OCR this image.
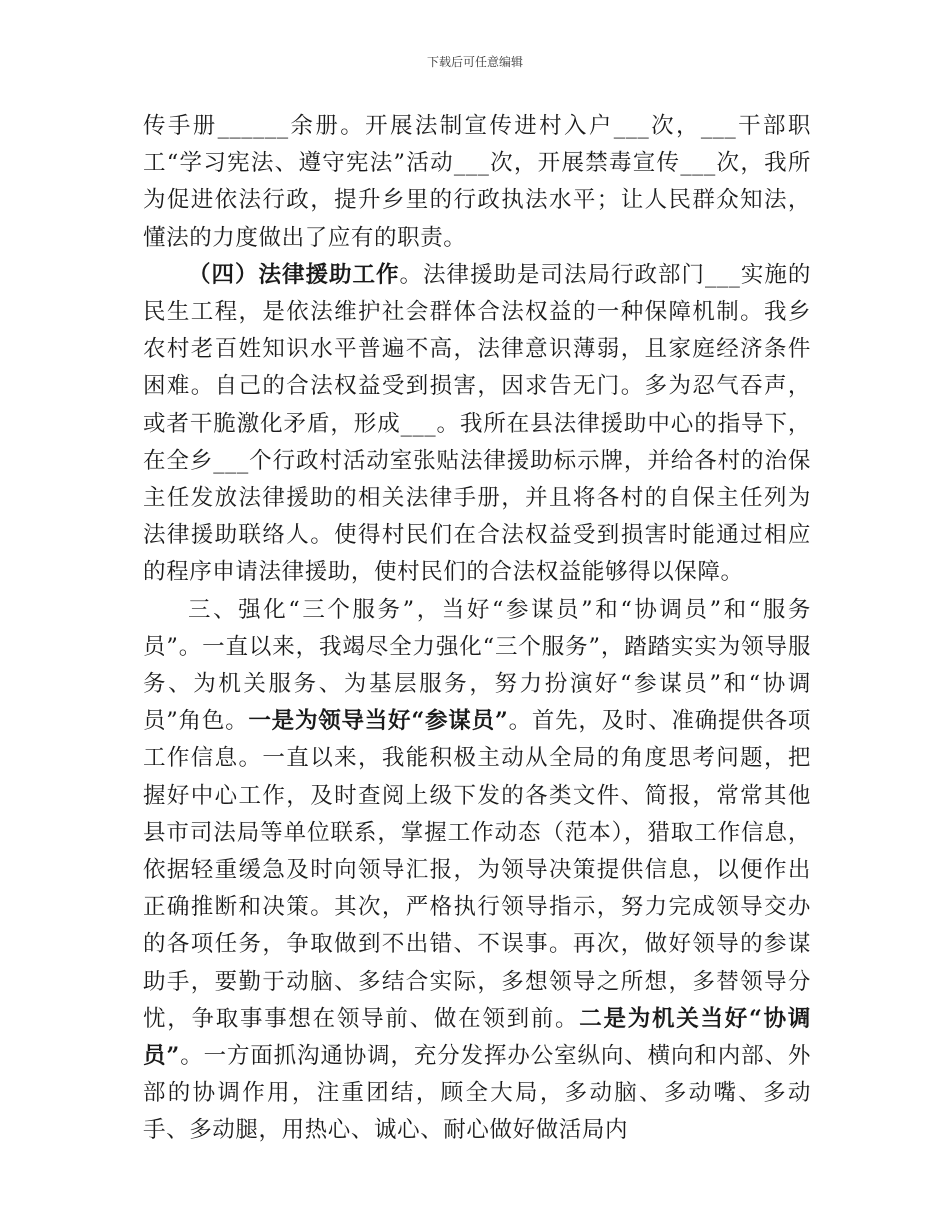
下载后可任意编辑

传手册______余册。开展法制宣传进村入户___次，___干部职工“学习宪法、遵守宪法”活动___次，开展禁毒宣传___次，我所为促进依法行政，提升乡里的行政执法水平；让人民群众知法，懂法的力度做出了应有的职责。

（四）法律援助工作。法律援助是司法局行政部门___实施的民生工程，是依法维护社会群体合法权益的一种保障机制。我乡农村老百姓知识水平普遍不高，法律意识薄弱，且家庭经济条件困难。自己的合法权益受到损害，因求告无门。多为忍气吞声，或者干脆激化矛盾，形成___。我所在县法律援助中心的指导下，在全乡___个行政村活动室张贴法律援助标示牌，并给各村的治保主任发放法律援助的相关法律手册，并且将各村的自保主任列为法律援助联络人。使得村民们在合法权益受到损害时能通过相应的程序申请法律援助，使村民们的合法权益能够得以保障。

三、强化“三个服务”，当好“参谋员”和“协调员”和“服务员”。一直以来，我竭尽全力强化“三个服务”，踏踏实实为领导服务、为机关服务、为基层服务，努力扮演好“参谋员”和“协调员”角色。一是为领导当好“参谋员”。首先，及时、准确提供各项工作信息。一直以来，我能积极主动从全局的角度思考问题，把握好中心工作，及时查阅上级下发的各类文件、简报，常常其他县市司法局等单位联系，掌握工作动态（范本），猎取工作信息，依据轻重缓急及时向领导汇报，为领导决策提供信息，以便作出正确推断和决策。其次，严格执行领导指示，努力完成领导交办的各项任务，争取做到不出错、不误事。再次，做好领导的参谋助手，要勤于动脑、多结合实际，多想领导之所想，多替领导分忧，争取事事想在领导前、做在领到前。二是为机关当好“协调员”。一方面抓沟通协调，充分发挥办公室纵向、横向和内部、外部的协调作用，注重团结，顾全大局，多动脑、多动嘴、多动手、多动腿，用热心、诚心、耐心做好做活局内
